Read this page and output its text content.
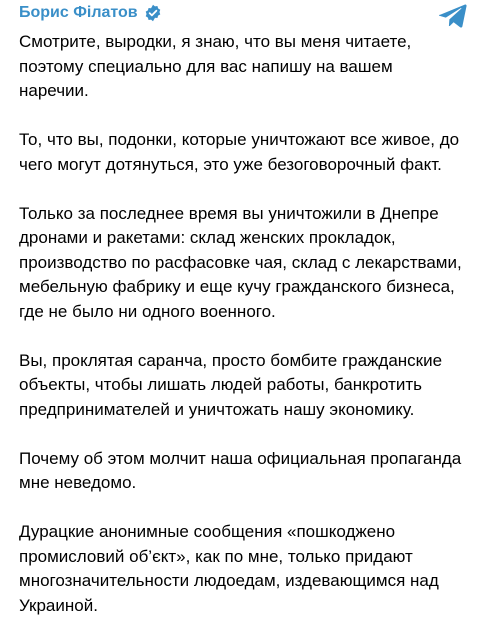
Борис Філатов

Смотрите, выродки, я знаю, что вы меня читаете, поэтому специально для вас напишу на вашем наречии.

То, что вы, подонки, которые уничтожают все живое, до чего могут дотянуться, это уже безоговорочный факт.

Только за последнее время вы уничтожили в Днепре дронами и ракетами: склад женских прокладок, производство по расфасовке чая, склад с лекарствами, мебельную фабрику и еще кучу гражданского бизнеса, где не было ни одного военного.

Вы, проклятая саранча, просто бомбите гражданские объекты, чтобы лишать людей работы, банкротить предпринимателей и уничтожать нашу экономику.

Почему об этом молчит наша официальная пропаганда мне неведомо.

Дурацкие анонимные сообщения «пошкоджено промисловий об’єкт», как по мне, только придают многозначительности людоедам, издевающимся над Украиной.
